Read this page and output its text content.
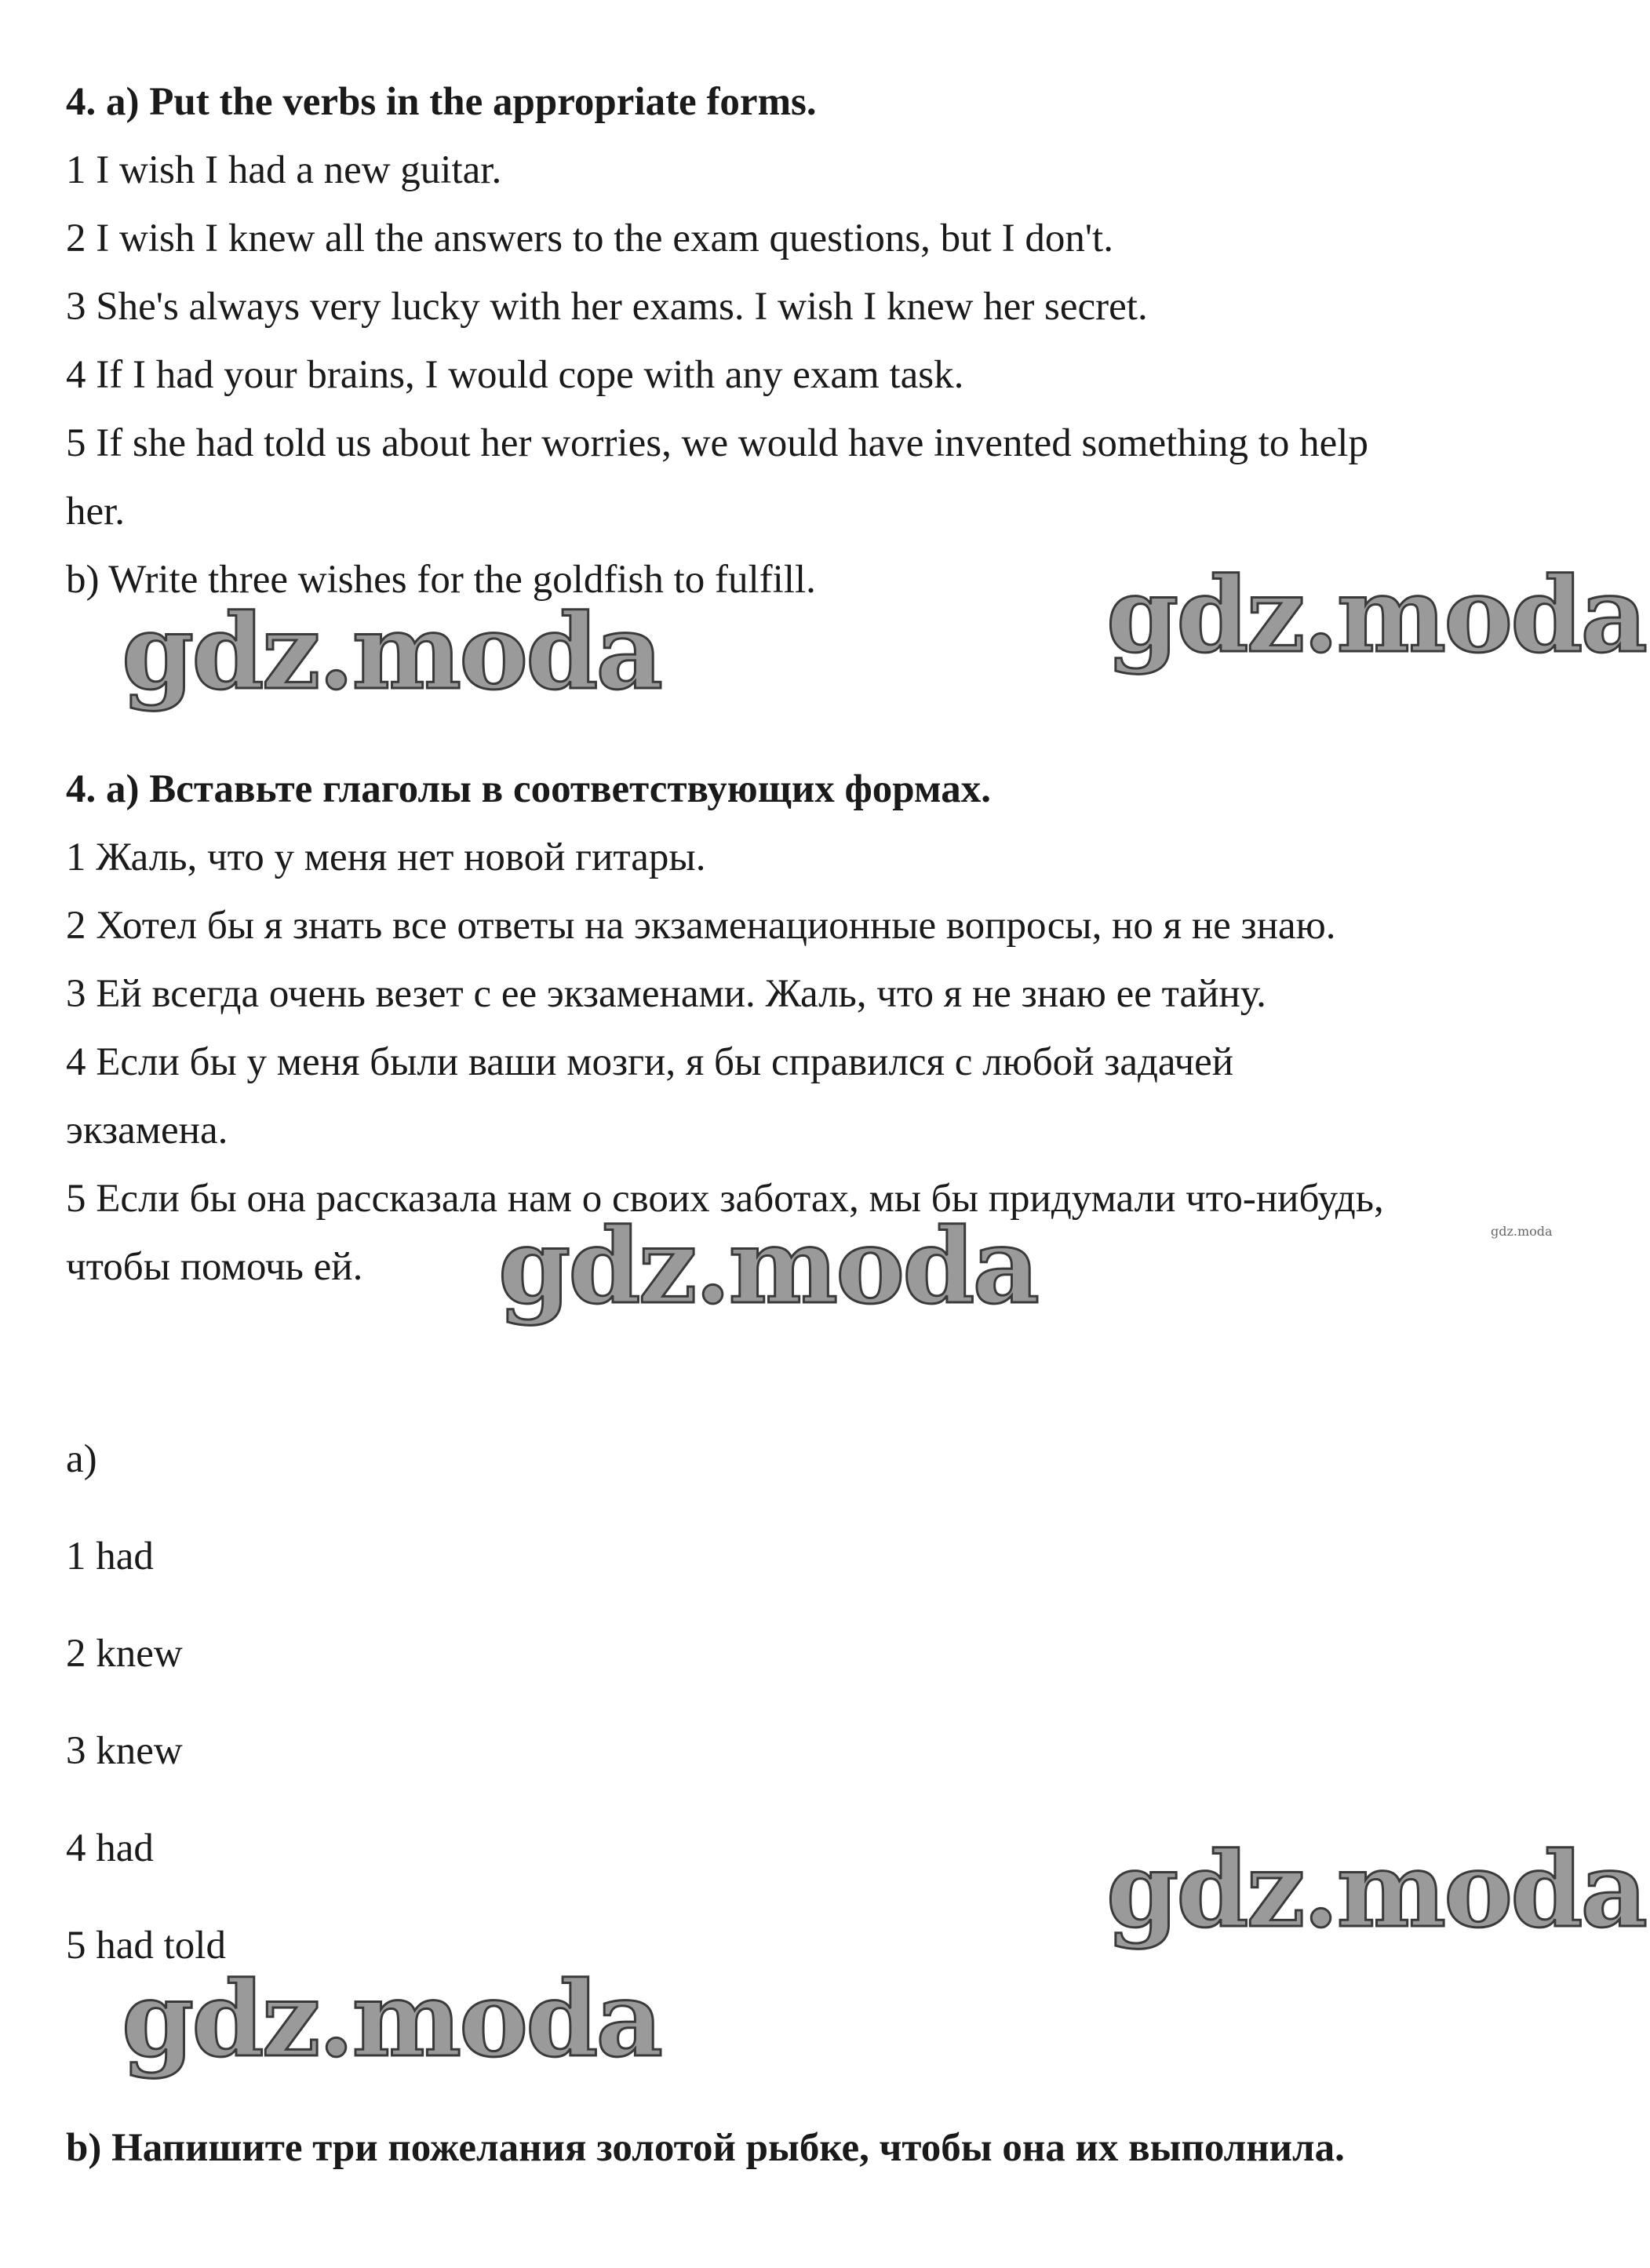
4. a) Put the verbs in the appropriate forms.
1 I wish I had a new guitar.
2 I wish I knew all the answers to the exam questions, but I don't.
3 She's always very lucky with her exams. I wish I knew her secret.
4 If I had your brains, I would cope with any exam task.
5 If she had told us about her worries, we would have invented something to help
her.
b) Write three wishes for the goldfish to fulfill.
4. a) Вставьте глаголы в соответствующих формах.
1 Жаль, что у меня нет новой гитары.
2 Хотел бы я знать все ответы на экзаменационные вопросы, но я не знаю.
3 Ей всегда очень везет с ее экзаменами. Жаль, что я не знаю ее тайну.
4 Если бы у меня были ваши мозги, я бы справился с любой задачей
экзамена.
5 Если бы она рассказала нам о своих заботах, мы бы придумали что-нибудь,
чтобы помочь ей.
a)
1 had
2 knew
3 knew
4 had
5 had told
b) Напишите три пожелания золотой рыбке, чтобы она их выполнила.
gdz.moda	gdz.moda
gdz.moda	gdz.moda
gdz.moda
gdz.moda
